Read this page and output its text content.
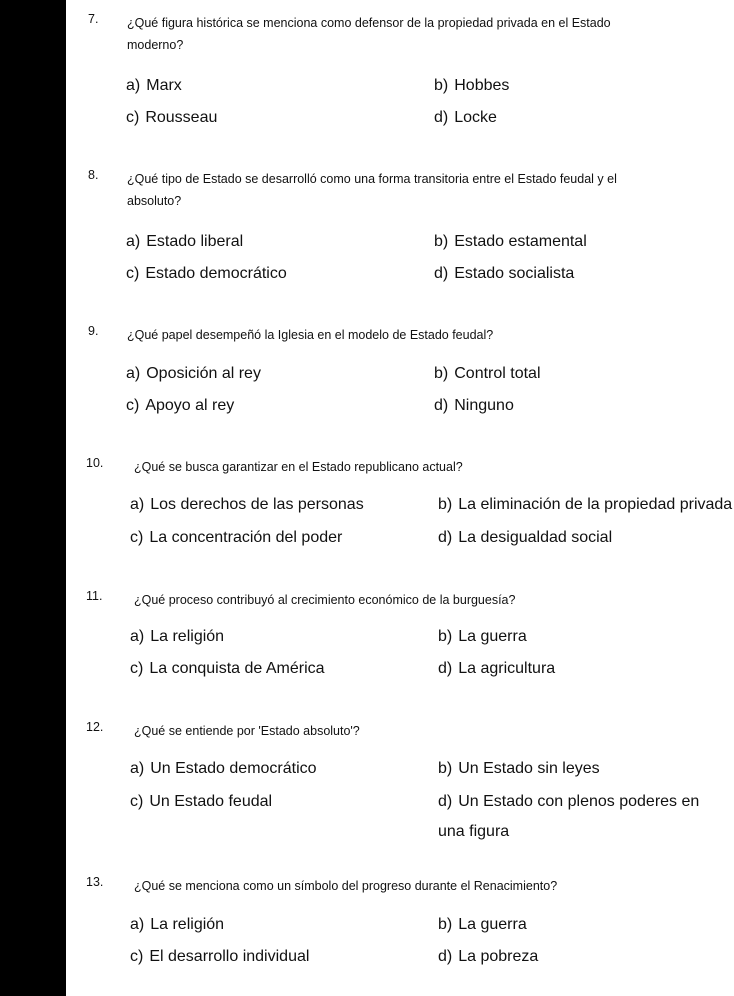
7. ¿Qué figura histórica se menciona como defensor de la propiedad privada en el Estado
moderno?
a) Marx	b) Hobbes
c) Rousseau	d) Locke
8. ¿Qué tipo de Estado se desarrolló como una forma transitoria entre el Estado feudal y el
absoluto?
a) Estado liberal	b) Estado estamental
c) Estado democrático	d) Estado socialista
9. ¿Qué papel desempeñó la Iglesia en el modelo de Estado feudal?
a) Oposición al rey	b) Control total
c) Apoyo al rey	d) Ninguno
10. ¿Qué se busca garantizar en el Estado republicano actual?
a) Los derechos de las personas	b) La eliminación de la propiedad privada
c) La concentración del poder	d) La desigualdad social
11.	¿Qué proceso contribuyó al crecimiento económico de la burguesía?
a) La religión	b) La guerra
c) La conquista de América	d) La agricultura
12. ¿Qué se entiende por 'Estado absoluto'?
a) Un Estado democrático	b) Un Estado sin leyes
c) Un Estado feudal	d) Un Estado con plenos poderes en una figura
13. ¿Qué se menciona como un símbolo del progreso durante el Renacimiento?
a) La religión	b) La guerra
c) El desarrollo individual	d) La pobreza
